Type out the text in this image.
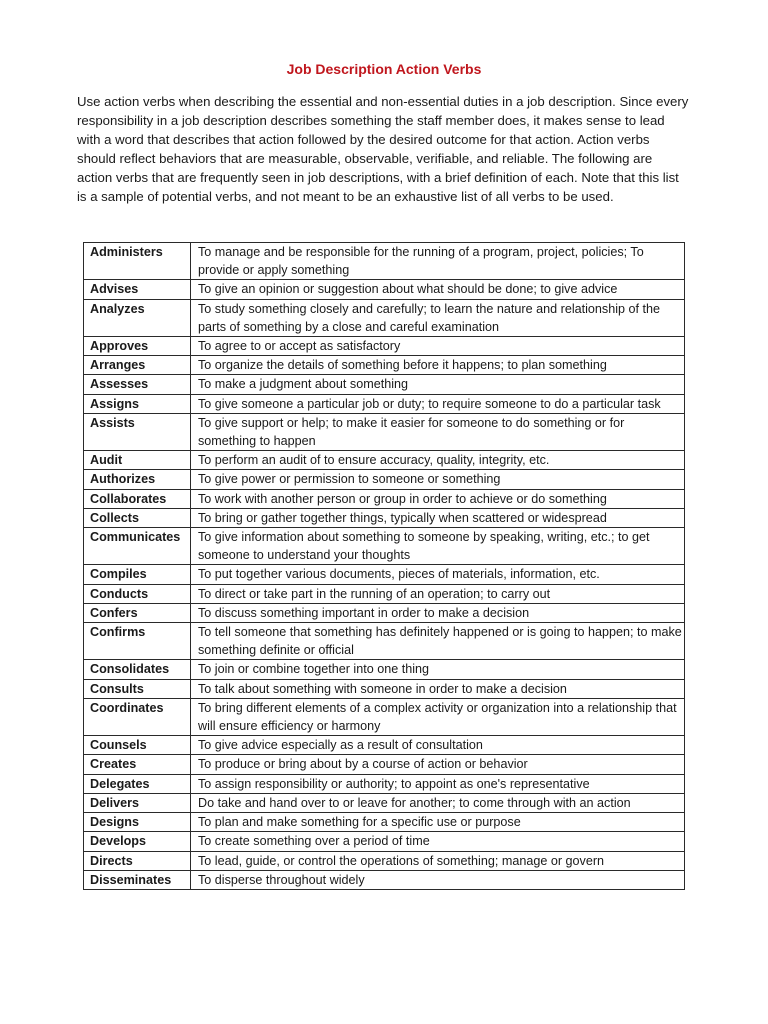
Job Description Action Verbs
Use action verbs when describing the essential and non-essential duties in a job description. Since every responsibility in a job description describes something the staff member does, it makes sense to lead with a word that describes that action followed by the desired outcome for that action. Action verbs should reflect behaviors that are measurable, observable, verifiable, and reliable. The following are action verbs that are frequently seen in job descriptions, with a brief definition of each. Note that this list is a sample of potential verbs, and not meant to be an exhaustive list of all verbs to be used.
Administers	To manage and be responsible for the running of a program, project, policies; To provide or apply something
Advises	To give an opinion or suggestion about what should be done; to give advice
Analyzes	To study something closely and carefully; to learn the nature and relationship of the parts of something by a close and careful examination
Approves	To agree to or accept as satisfactory
Arranges	To organize the details of something before it happens; to plan something
Assesses	To make a judgment about something
Assigns	To give someone a particular job or duty; to require someone to do a particular task
Assists	To give support or help; to make it easier for someone to do something or for something to happen
Audit	To perform an audit of to ensure accuracy, quality, integrity, etc.
Authorizes	To give power or permission to someone or something
Collaborates	To work with another person or group in order to achieve or do something
Collects	To bring or gather together things, typically when scattered or widespread
Communicates	To give information about something to someone by speaking, writing, etc.; to get someone to understand your thoughts
Compiles	To put together various documents, pieces of materials, information, etc.
Conducts	To direct or take part in the running of an operation; to carry out
Confers	To discuss something important in order to make a decision
Confirms	To tell someone that something has definitely happened or is going to happen; to make something definite or official
Consolidates	To join or combine together into one thing
Consults	To talk about something with someone in order to make a decision
Coordinates	To bring different elements of a complex activity or organization into a relationship that will ensure efficiency or harmony
Counsels	To give advice especially as a result of consultation
Creates	To produce or bring about by a course of action or behavior
Delegates	To assign responsibility or authority; to appoint as one's representative
Delivers	Do take and hand over to or leave for another; to come through with an action
Designs	To plan and make something for a specific use or purpose
Develops	To create something over a period of time
Directs	To lead, guide, or control the operations of something; manage or govern
Disseminates	To disperse throughout widely
